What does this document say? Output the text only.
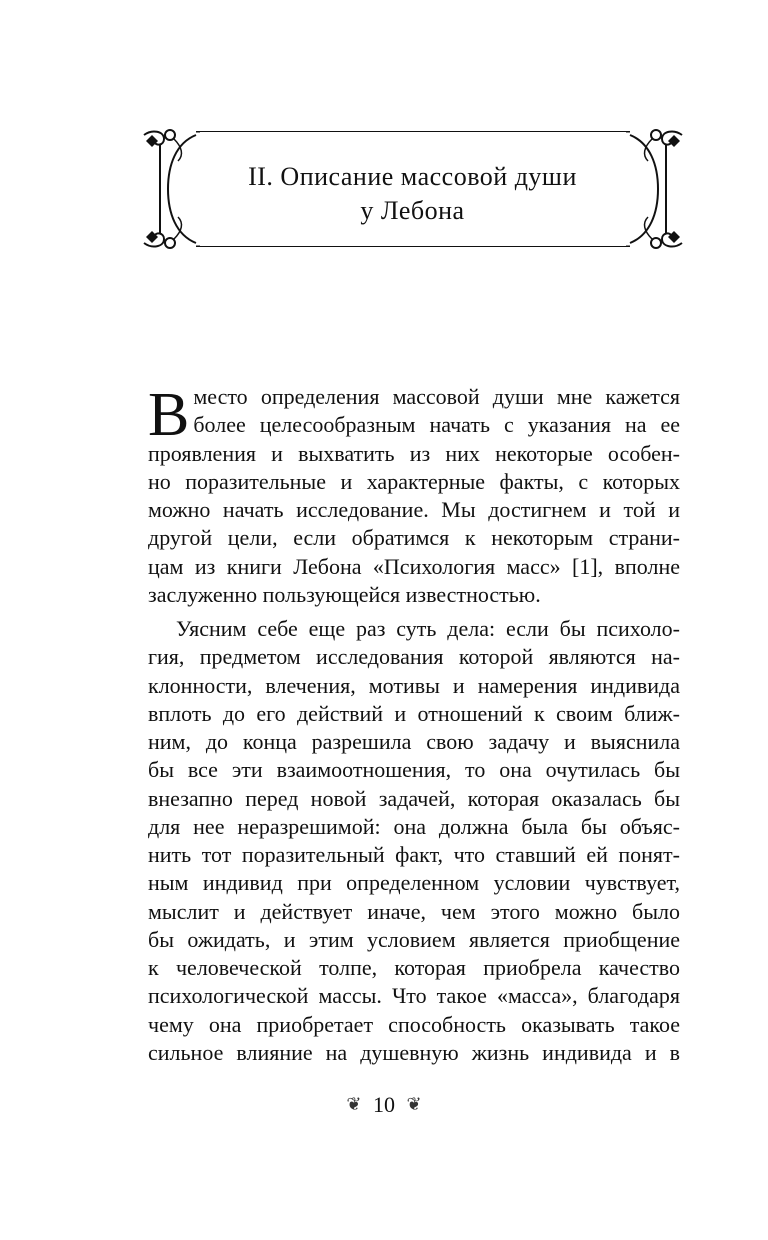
II. Описание массовой души
у Лебона
В место определения массовой души мне кажется
более целесообразным начать с указания на ее
проявления и выхватить из них некоторые особен-
но поразительные и характерные факты, с которых
можно начать исследование. Мы достигнем и той и
другой цели, если обратимся к некоторым страни-
цам из книги Лебона «Психология масс» [1], вполне
заслуженно пользующейся известностью.
Уясним себе еще раз суть дела: если бы психоло-
гия, предметом исследования которой являются на-
клонности, влечения, мотивы и намерения индивида
вплоть до его действий и отношений к своим ближ-
ним, до конца разрешила свою задачу и выяснила
бы все эти взаимоотношения, то она очутилась бы
внезапно перед новой задачей, которая оказалась бы
для нее неразрешимой: она должна была бы объяс-
нить тот поразительный факт, что ставший ей понят-
ным индивид при определенном условии чувствует,
мыслит и действует иначе, чем этого можно было
бы ожидать, и этим условием является приобщение
к человеческой толпе, которая приобрела качество
психологической массы. Что такое «масса», благодаря
чему она приобретает способность оказывать такое
сильное влияние на душевную жизнь индивида и в
❦ 10 ❦
